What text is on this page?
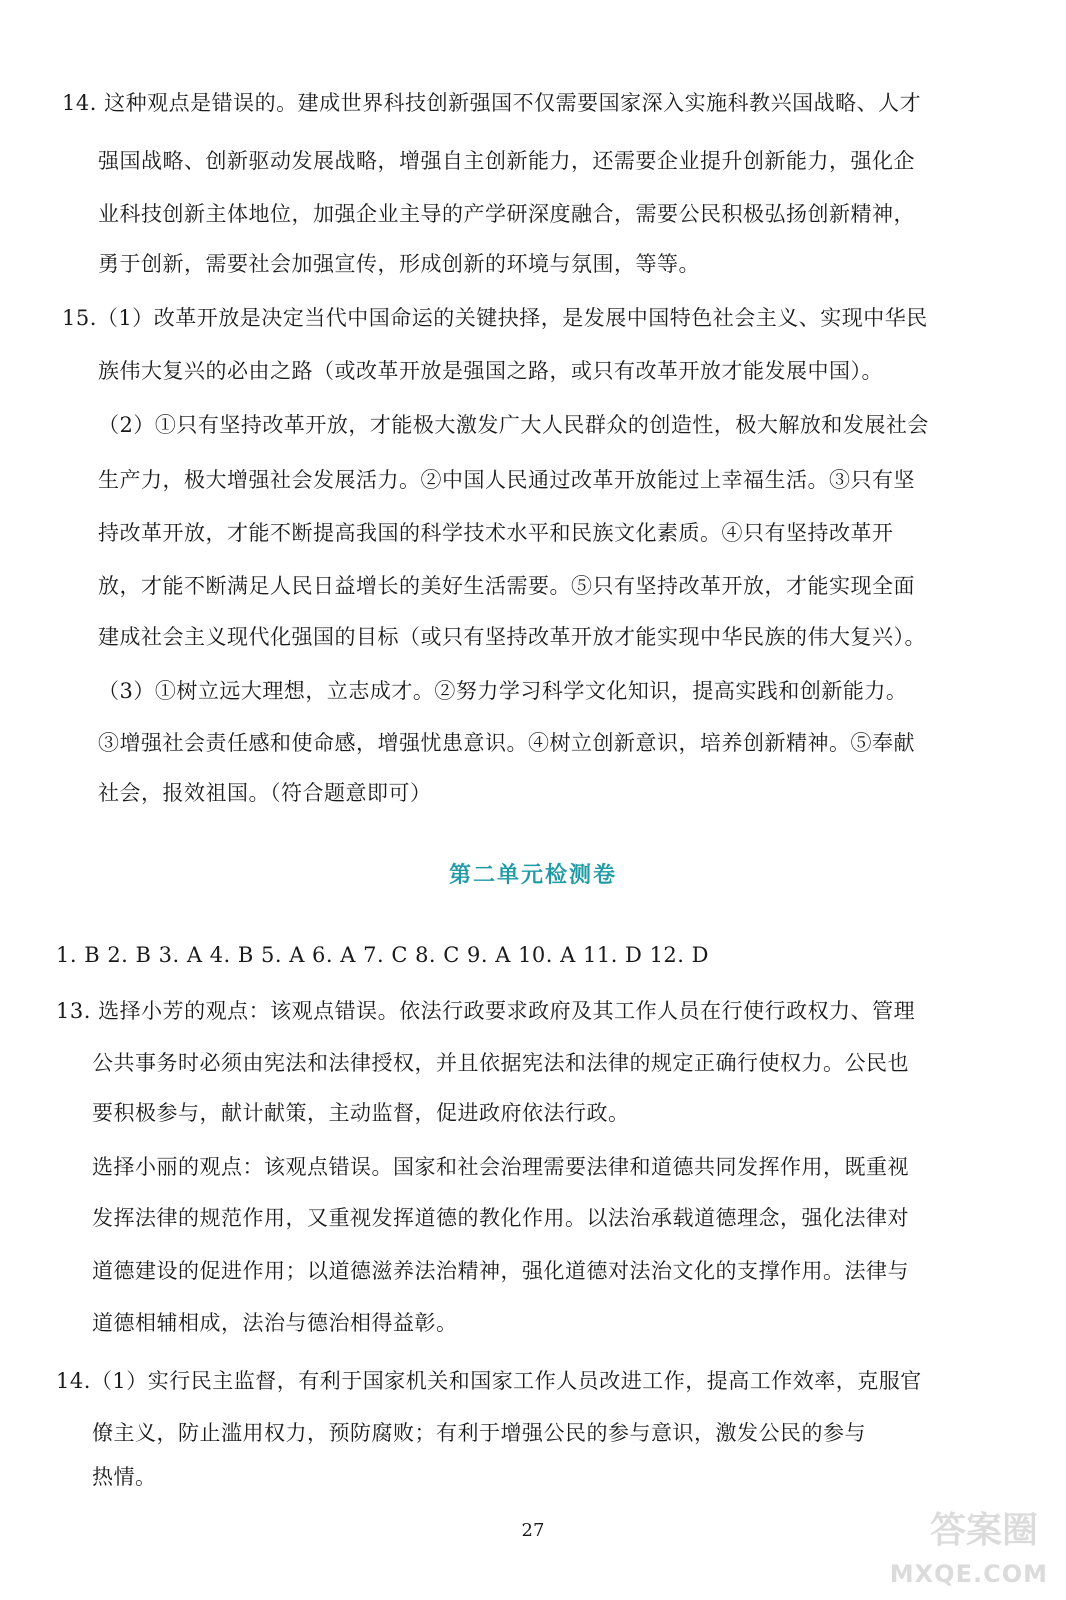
14. 这种观点是错误的。建成世界科技创新强国不仅需要国家深入实施科教兴国战略、人才
强国战略、创新驱动发展战略，增强自主创新能力，还需要企业提升创新能力，强化企
业科技创新主体地位，加强企业主导的产学研深度融合，需要公民积极弘扬创新精神，
勇于创新，需要社会加强宣传，形成创新的环境与氛围，等等。
15.（1）改革开放是决定当代中国命运的关键抉择，是发展中国特色社会主义、实现中华民
族伟大复兴的必由之路（或改革开放是强国之路，或只有改革开放才能发展中国）。
（2）①只有坚持改革开放，才能极大激发广大人民群众的创造性，极大解放和发展社会
生产力，极大增强社会发展活力。②中国人民通过改革开放能过上幸福生活。③只有坚
持改革开放，才能不断提高我国的科学技术水平和民族文化素质。④只有坚持改革开
放，才能不断满足人民日益增长的美好生活需要。⑤只有坚持改革开放，才能实现全面
建成社会主义现代化强国的目标（或只有坚持改革开放才能实现中华民族的伟大复兴）。
（3）①树立远大理想，立志成才。②努力学习科学文化知识，提高实践和创新能力。
③增强社会责任感和使命感，增强忧患意识。④树立创新意识，培养创新精神。⑤奉献
社会，报效祖国。（符合题意即可）
第二单元检测卷
1. B 2. B 3. A 4. B 5. A 6. A 7. C 8. C 9. A 10. A 11. D 12. D
13. 选择小芳的观点：该观点错误。依法行政要求政府及其工作人员在行使行政权力、管理
公共事务时必须由宪法和法律授权，并且依据宪法和法律的规定正确行使权力。公民也
要积极参与，献计献策，主动监督，促进政府依法行政。
选择小丽的观点：该观点错误。国家和社会治理需要法律和道德共同发挥作用，既重视
发挥法律的规范作用，又重视发挥道德的教化作用。以法治承载道德理念，强化法律对
道德建设的促进作用；以道德滋养法治精神，强化道德对法治文化的支撑作用。法律与
道德相辅相成，法治与德治相得益彰。
14.（1）实行民主监督，有利于国家机关和国家工作人员改进工作，提高工作效率，克服官
僚主义，防止滥用权力，预防腐败；有利于增强公民的参与意识，激发公民的参与
热情。
27	答案圈
MXQE.COM
